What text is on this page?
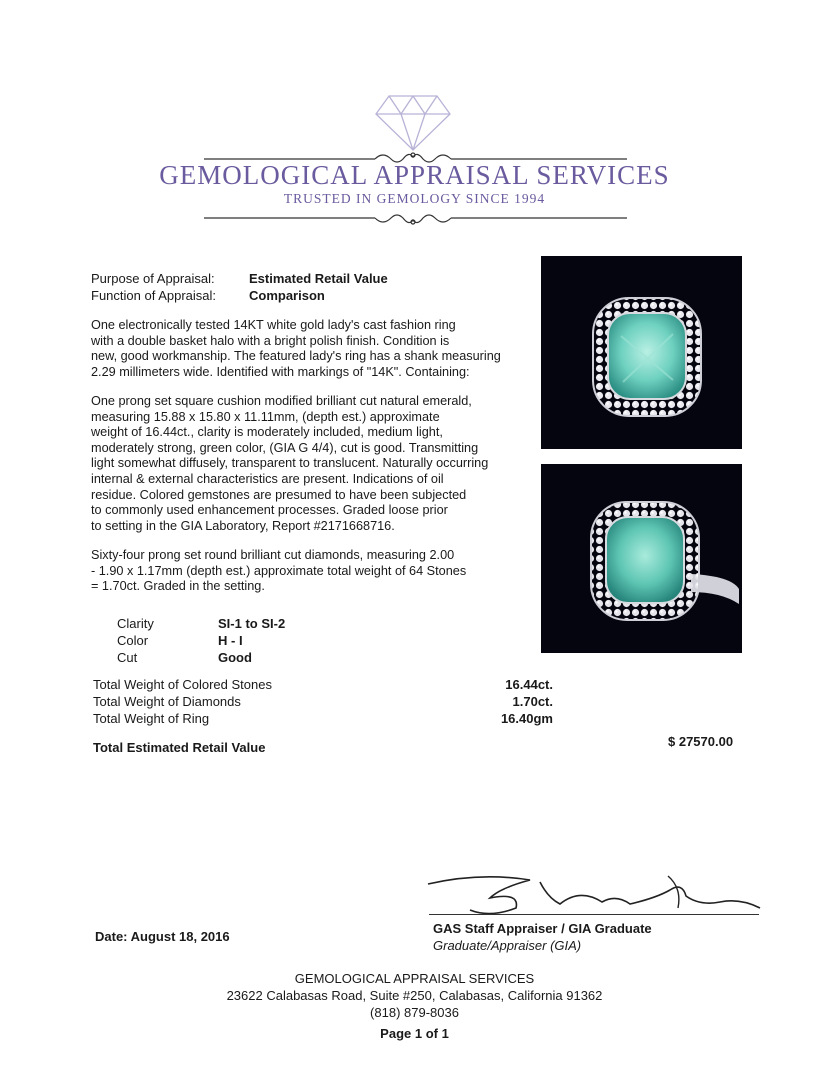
GEMOLOGICAL APPRAISAL SERVICES
TRUSTED IN GEMOLOGY SINCE 1994
Purpose of Appraisal:	Estimated Retail Value
Function of Appraisal:	Comparison

One electronically tested 14KT white gold lady's cast fashion ring
with a double basket halo with a bright polish finish. Condition is
new, good workmanship. The featured lady's ring has a shank measuring
2.29 millimeters wide. Identified with markings of "14K". Containing:

One prong set square cushion modified brilliant cut natural emerald,
measuring 15.88 x 15.80 x 11.11mm, (depth est.) approximate
weight of 16.44ct., clarity is moderately included, medium light,
moderately strong, green color, (GIA G 4/4), cut is good. Transmitting
light somewhat diffusely, transparent to translucent. Naturally occurring
internal & external characteristics are present. Indications of oil
residue. Colored gemstones are presumed to have been subjected
to commonly used enhancement processes. Graded loose prior
to setting in the GIA Laboratory, Report #2171668716.

Sixty-four prong set round brilliant cut diamonds, measuring 2.00
- 1.90 x 1.17mm (depth est.) approximate total weight of 64 Stones
= 1.70ct. Graded in the setting.

Clarity	SI-1 to SI-2
Color	H - I
Cut	Good
Total Weight of Colored Stones	16.44ct.
Total Weight of Diamonds	1.70ct.
Total Weight of Ring	16.40gm
Total Estimated Retail Value	$ 27570.00
GAS Staff Appraiser / GIA Graduate
Graduate/Appraiser (GIA)
Date: August 18, 2016
GEMOLOGICAL APPRAISAL SERVICES
23622 Calabasas Road, Suite #250, Calabasas, California 91362
(818) 879-8036
Page 1 of 1
